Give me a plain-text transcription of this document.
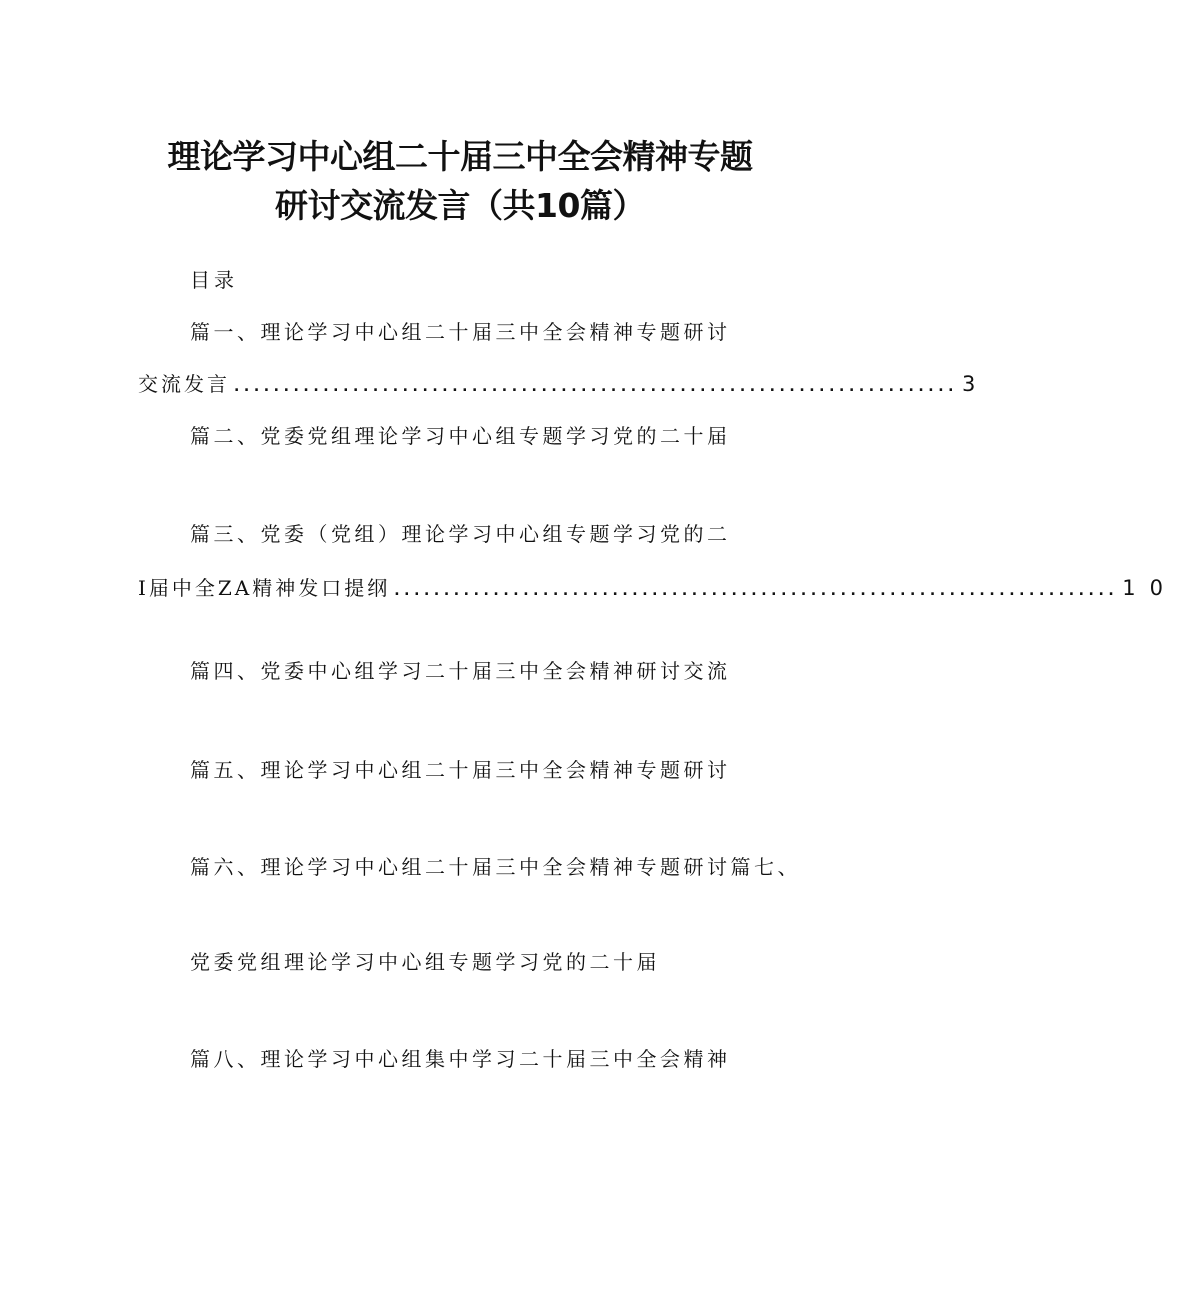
理论学习中心组二十届三中全会精神专题
研讨交流发言（共10篇）
目录
篇一、理论学习中心组二十届三中全会精神专题研讨
交流发言 ......................................................................... 3
篇二、党委党组理论学习中心组专题学习党的二十届
篇三、党委（党组）理论学习中心组专题学习党的二
I届中全ZA精神发口提纲 ......................................................................... 10
篇四、党委中心组学习二十届三中全会精神研讨交流
篇五、理论学习中心组二十届三中全会精神专题研讨
篇六、理论学习中心组二十届三中全会精神专题研讨篇七、
党委党组理论学习中心组专题学习党的二十届
篇八、理论学习中心组集中学习二十届三中全会精神
